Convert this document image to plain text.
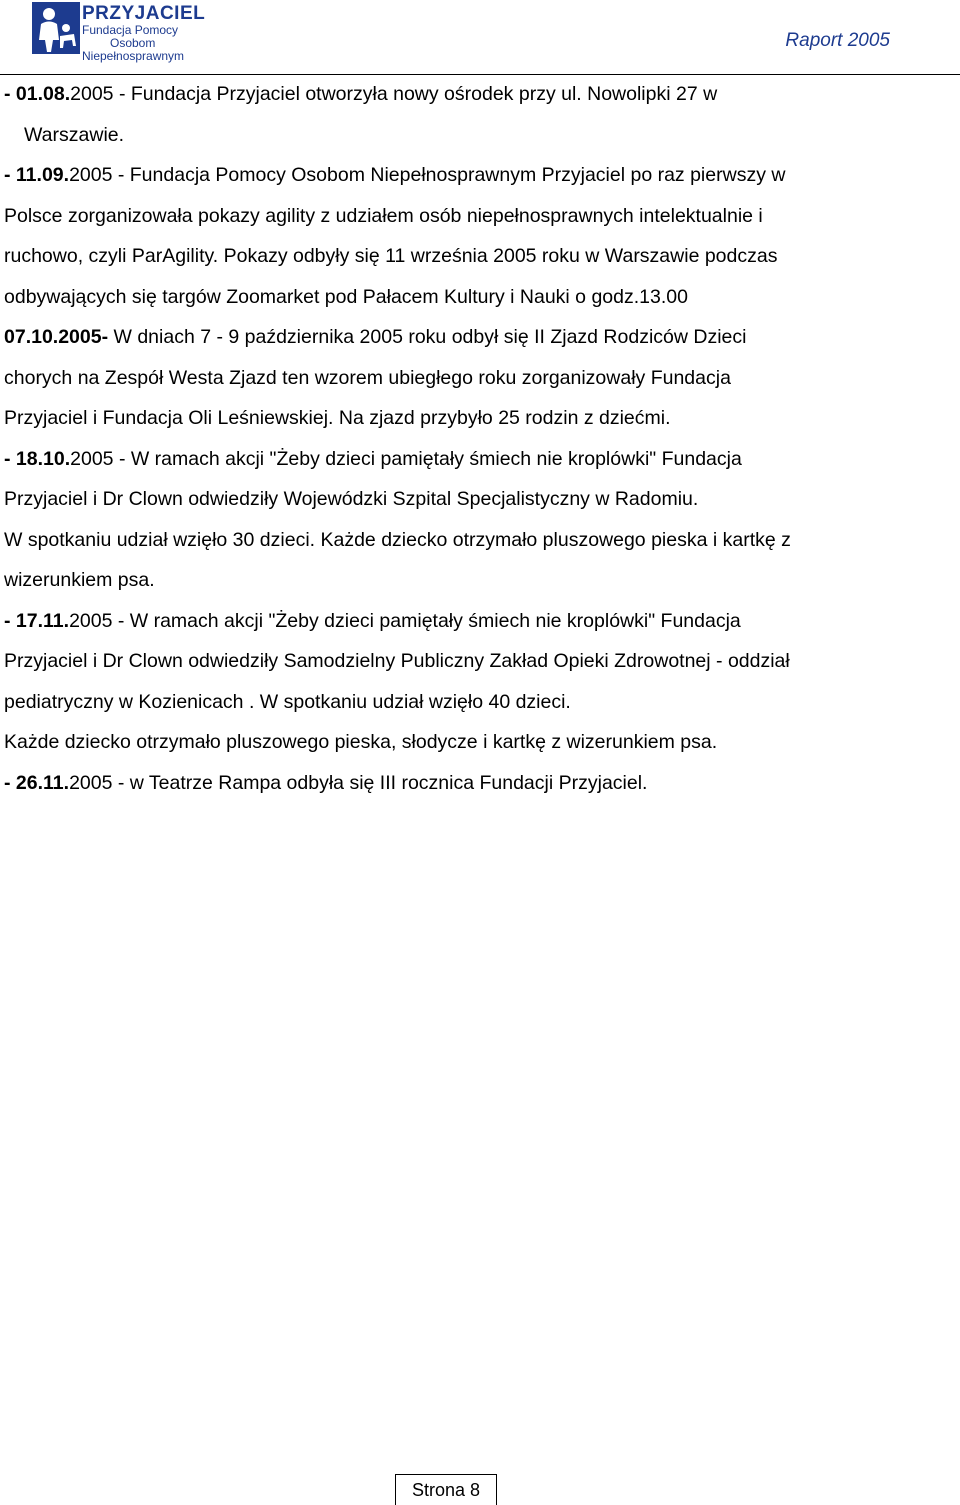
PRZYJACIEL
Fundacja Pomocy
Osobom
Niepełnosprawnym
Raport 2005

- 01.08.2005 - Fundacja Przyjaciel otworzyła nowy ośrodek przy ul. Nowolipki 27 w

Warszawie.

- 11.09.2005 - Fundacja Pomocy Osobom Niepełnosprawnym Przyjaciel po raz pierwszy w

Polsce zorganizowała pokazy agility z udziałem osób niepełnosprawnych intelektualnie i

ruchowo, czyli ParAgility. Pokazy odbyły się 11 września 2005 roku w Warszawie podczas

odbywających się targów Zoomarket pod Pałacem Kultury i Nauki o godz.13.00

07.10.2005- W dniach 7 - 9 października 2005 roku odbył się II Zjazd Rodziców Dzieci

chorych na Zespół Westa Zjazd ten wzorem ubiegłego roku zorganizowały Fundacja

Przyjaciel i Fundacja Oli Leśniewskiej. Na zjazd przybyło 25 rodzin z dziećmi.

- 18.10.2005 - W ramach akcji "Żeby dzieci pamiętały śmiech nie kroplówki" Fundacja

Przyjaciel i Dr Clown odwiedziły Wojewódzki Szpital Specjalistyczny w Radomiu.

W spotkaniu udział wzięło 30 dzieci. Każde dziecko otrzymało pluszowego pieska i kartkę z

wizerunkiem psa.

- 17.11.2005 - W ramach akcji "Żeby dzieci pamiętały śmiech nie kroplówki" Fundacja

Przyjaciel i Dr Clown odwiedziły Samodzielny Publiczny Zakład Opieki Zdrowotnej - oddział

pediatryczny w Kozienicach . W spotkaniu udział wzięło 40 dzieci.

Każde dziecko otrzymało pluszowego pieska, słodycze i kartkę z wizerunkiem psa.

- 26.11.2005 - w Teatrze Rampa odbyła się III rocznica Fundacji Przyjaciel.

Strona 8
